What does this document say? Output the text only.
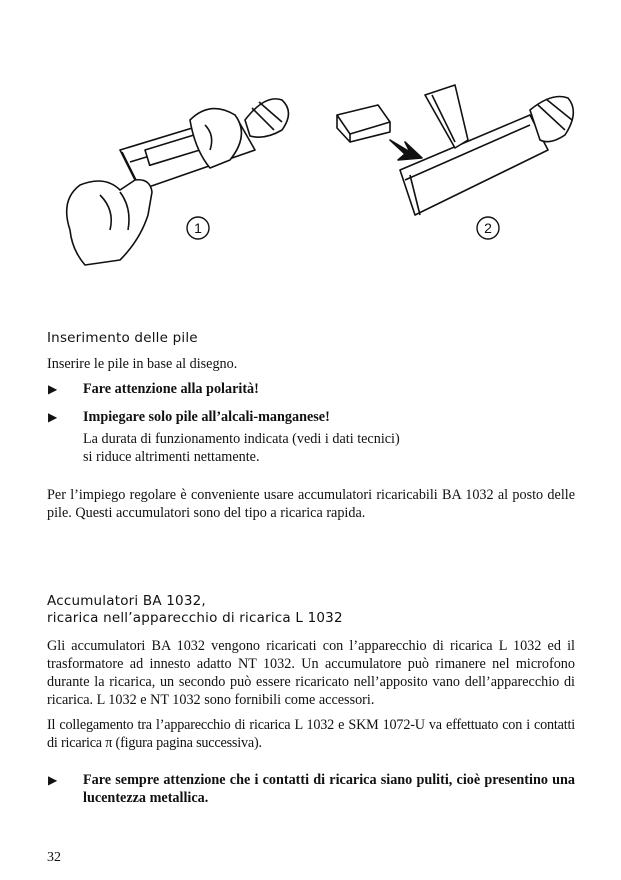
1	2
Inserimento delle pile
Inserire le pile in base al disegno.
▶ Fare attenzione alla polarità!
▶ Impiegare solo pile all’alcali-manganese!
La durata di funzionamento indicata (vedi i dati tecnici)
si riduce altrimenti nettamente.
Per l’impiego regolare è conveniente usare accumulatori ricaricabili BA 1032 al posto delle pile. Questi accumulatori sono del tipo a ricarica rapida.
Accumulatori BA 1032,
ricarica nell’apparecchio di ricarica L 1032
Gli accumulatori BA 1032 vengono ricaricati con l’apparecchio di ricarica L 1032 ed il trasformatore ad innesto adatto NT 1032. Un accumulatore può rimanere nel microfono durante la ricarica, un secondo può essere ricaricato nell’apposito vano dell’apparecchio di ricarica. L 1032 e NT 1032 sono fornibili come accessori.
Il collegamento tra l’apparecchio di ricarica L 1032 e SKM 1072-U va effettuato con i contatti di ricarica π (figura pagina successiva).
▶ Fare sempre attenzione che i contatti di ricarica siano puliti, cioè presentino una lucentezza metallica.
32
